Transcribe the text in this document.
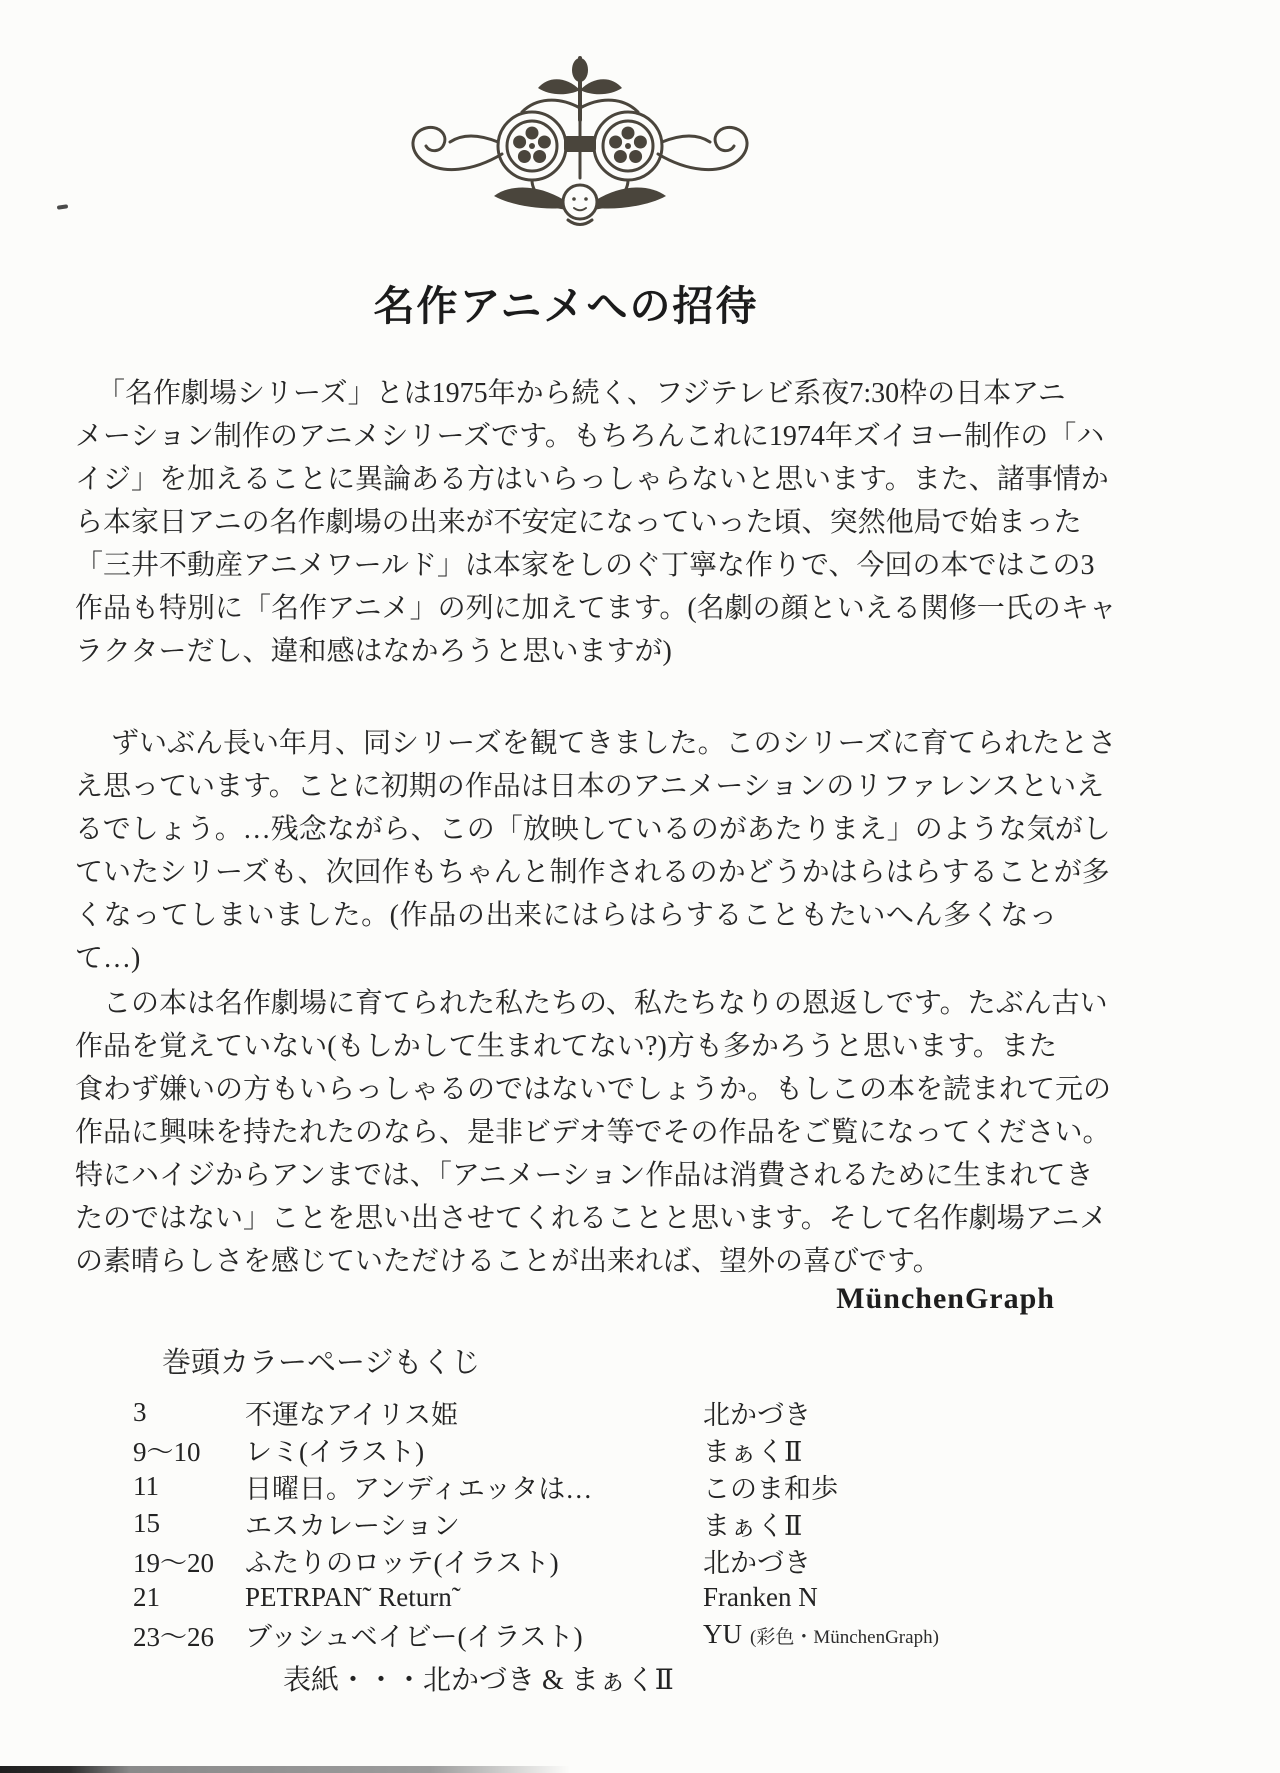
名作アニメへの招待
「名作劇場シリーズ」とは1975年から続く、フジテレビ系夜7:30枠の日本アニ
メーション制作のアニメシリーズです。もちろんこれに1974年ズイヨー制作の「ハ
イジ」を加えることに異論ある方はいらっしゃらないと思います。また、諸事情か
ら本家日アニの名作劇場の出来が不安定になっていった頃、突然他局で始まった
「三井不動産アニメワールド」は本家をしのぐ丁寧な作りで、今回の本ではこの3
作品も特別に「名作アニメ」の列に加えてます。(名劇の顔といえる関修一氏のキャ
ラクターだし、違和感はなかろうと思いますが)
ずいぶん長い年月、同シリーズを観てきました。このシリーズに育てられたとさ
え思っています。ことに初期の作品は日本のアニメーションのリファレンスといえ
るでしょう。…残念ながら、この「放映しているのがあたりまえ」のような気がし
ていたシリーズも、次回作もちゃんと制作されるのかどうかはらはらすることが多
くなってしまいました。(作品の出来にはらはらすることもたいへん多くなって…)
この本は名作劇場に育てられた私たちの、私たちなりの恩返しです。たぶん古い
作品を覚えていない(もしかして生まれてない?)方も多かろうと思います。また
食わず嫌いの方もいらっしゃるのではないでしょうか。もしこの本を読まれて元の
作品に興味を持たれたのなら、是非ビデオ等でその作品をご覧になってください。
特にハイジからアンまでは、「アニメーション作品は消費されるために生まれてき
たのではない」ことを思い出させてくれることと思います。そして名作劇場アニメ
の素晴らしさを感じていただけることが出来れば、望外の喜びです。
MünchenGraph
巻頭カラーページもくじ
3	不運なアイリス姫	北かづき
9〜10	レミ(イラスト)	まぁくⅡ
11	日曜日。アンディエッタは…	このま和歩
15	エスカレーション	まぁくⅡ
19〜20	ふたりのロッテ(イラスト)	北かづき
21	PETRPAN˜ Return˜	Franken N
23〜26	ブッシュベイビー(イラスト)	YU (彩色・MünchenGraph)
表紙・・・北かづき & まぁくⅡ
